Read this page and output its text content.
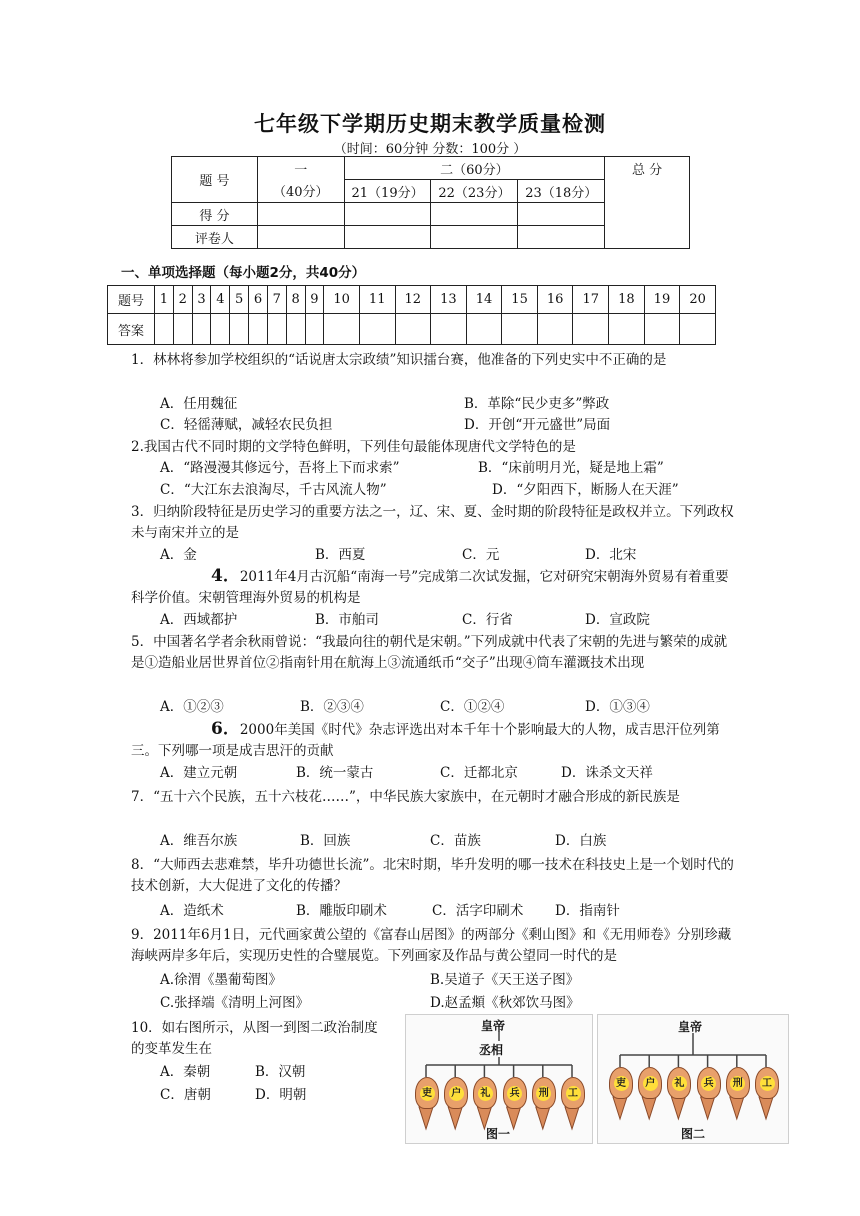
七年级下学期历史期末教学质量检测
（时间：60分钟 分数：100分 ）
题 号	一	二（60分）			总 分
	（40分）	21（19分）	22（23分）	23（18分）	
得 分					
评卷人					
一、单项选择题（每小题2分，共40分）
题号	1	2	3	4	5	6	7	8	9	10	11	12	13	14	15	16	17	18	19	20
答案																				
1．林林将参加学校组织的“话说唐太宗政绩”知识擂台赛，他准备的下列史实中不正确的是
A．任用魏征	B．革除“民少吏多”弊政
C．轻徭薄赋，减轻农民负担	D．开创“开元盛世”局面
2.我国古代不同时期的文学特色鲜明，下列佳句最能体现唐代文学特色的是
A．“路漫漫其修远兮，吾将上下而求索”	B．“床前明月光，疑是地上霜”
C．“大江东去浪淘尽，千古风流人物”	D．“夕阳西下，断肠人在天涯”
3．归纳阶段特征是历史学习的重要方法之一，辽、宋、夏、金时期的阶段特征是政权并立。下列政权未与南宋并立的是
A．金	B．西夏	C．元	D．北宋
4．2011年4月古沉船“南海一号”完成第二次试发掘，它对研究宋朝海外贸易有着重要科学价值。宋朝管理海外贸易的机构是
A．西域都护	B．市舶司	C．行省	D．宣政院
5．中国著名学者余秋雨曾说：“我最向往的朝代是宋朝。”下列成就中代表了宋朝的先进与繁荣的成就是①造船业居世界首位②指南针用在航海上③流通纸币“交子”出现④筒车灌溉技术出现
A．①②③	B．②③④	C．①②④	D．①③④
6．2000年美国《时代》杂志评选出对本千年十个影响最大的人物，成吉思汗位列第三。下列哪一项是成吉思汗的贡献
A．建立元朝	B．统一蒙古	C．迁都北京	D．诛杀文天祥
7．“五十六个民族，五十六枝花……”，中华民族大家族中，在元朝时才融合形成的新民族是
A．维吾尔族	B．回族	C．苗族	D．白族
8．“大师西去悲难禁，毕升功德世长流”。北宋时期，毕升发明的哪一技术在科技史上是一个划时代的技术创新，大大促进了文化的传播？
A．造纸术	B．雕版印刷术	C．活字印刷术 D．指南针
9．2011年6月1日，元代画家黄公望的《富春山居图》的两部分《剩山图》和《无用师卷》分别珍藏海峡两岸多年后，实现历史性的合璧展览。下列画家及作品与黄公望同一时代的是
A.徐渭《墨葡萄图》	B.吴道子《天王送子图》
C.张择端《清明上河图》	D.赵孟頫《秋郊饮马图》
10．如右图所示，从图一到图二政治制度的变革发生在
A．秦朝	B．汉朝
C．唐朝	D．明朝
皇帝
丞相
图一
吏 户 礼 兵 刑 工
皇帝
图二
吏 户 礼 兵 刑 工
